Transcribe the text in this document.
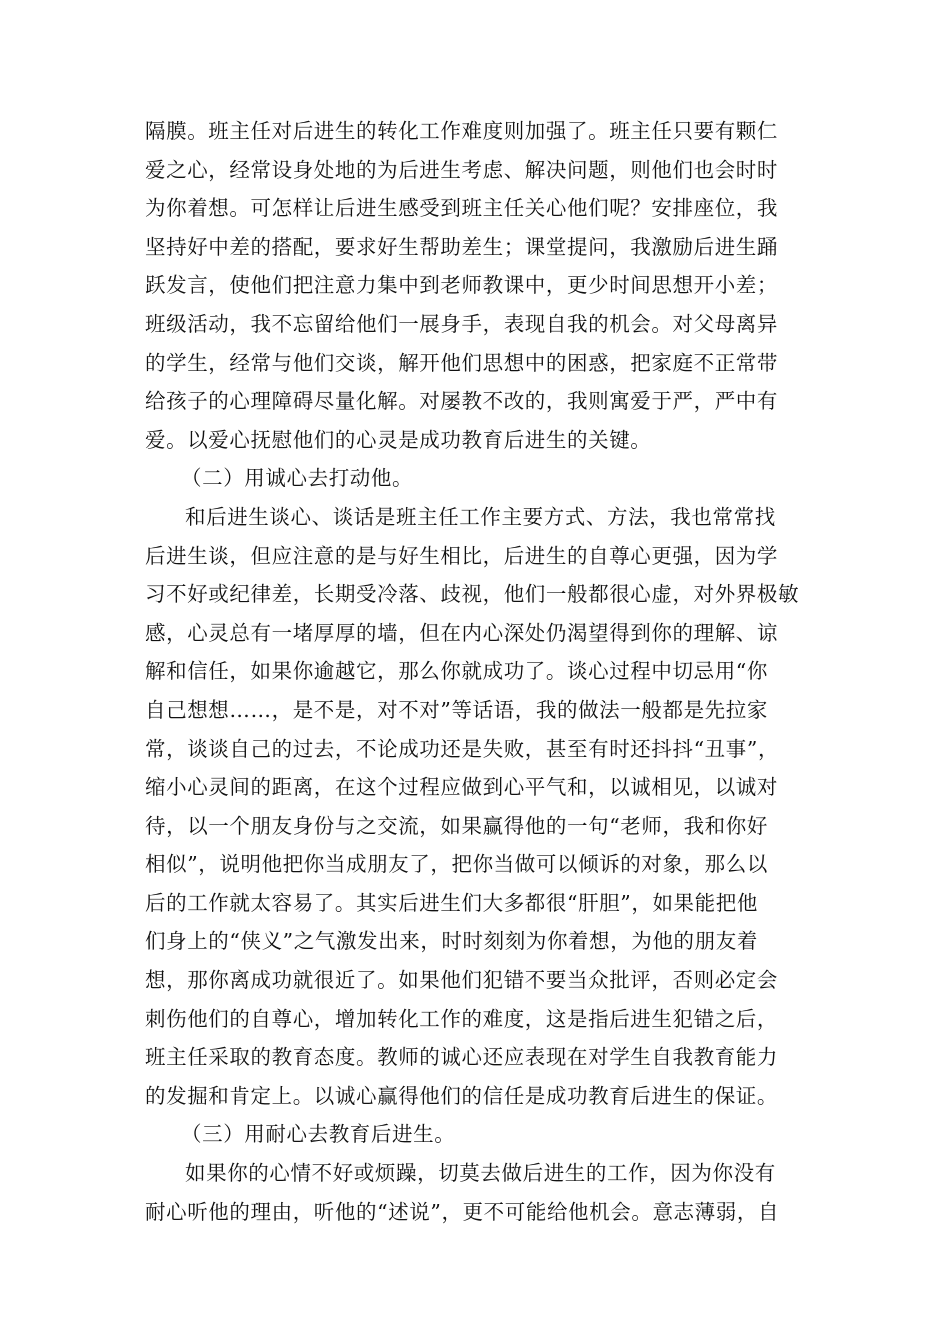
隔膜。班主任对后进生的转化工作难度则加强了。班主任只要有颗仁
爱之心，经常设身处地的为后进生考虑、解决问题，则他们也会时时
为你着想。可怎样让后进生感受到班主任关心他们呢？安排座位，我
坚持好中差的搭配，要求好生帮助差生；课堂提问，我激励后进生踊
跃发言，使他们把注意力集中到老师教课中，更少时间思想开小差；
班级活动，我不忘留给他们一展身手，表现自我的机会。对父母离异
的学生，经常与他们交谈，解开他们思想中的困惑，把家庭不正常带
给孩子的心理障碍尽量化解。对屡教不改的，我则寓爱于严，严中有
爱。以爱心抚慰他们的心灵是成功教育后进生的关键。
（二）用诚心去打动他。
和后进生谈心、谈话是班主任工作主要方式、方法，我也常常找
后进生谈，但应注意的是与好生相比，后进生的自尊心更强，因为学
习不好或纪律差，长期受冷落、歧视，他们一般都很心虚，对外界极敏
感，心灵总有一堵厚厚的墙，但在内心深处仍渴望得到你的理解、谅
解和信任，如果你逾越它，那么你就成功了。谈心过程中切忌用“你
自己想想……，是不是，对不对”等话语，我的做法一般都是先拉家
常，谈谈自己的过去，不论成功还是失败，甚至有时还抖抖“丑事”，
缩小心灵间的距离，在这个过程应做到心平气和，以诚相见，以诚对
待，以一个朋友身份与之交流，如果赢得他的一句“老师，我和你好
相似”，说明他把你当成朋友了，把你当做可以倾诉的对象，那么以
后的工作就太容易了。其实后进生们大多都很“肝胆”，如果能把他
们身上的“侠义”之气激发出来，时时刻刻为你着想，为他的朋友着
想，那你离成功就很近了。如果他们犯错不要当众批评，否则必定会
刺伤他们的自尊心，增加转化工作的难度，这是指后进生犯错之后，
班主任采取的教育态度。教师的诚心还应表现在对学生自我教育能力
的发掘和肯定上。以诚心赢得他们的信任是成功教育后进生的保证。
（三）用耐心去教育后进生。
如果你的心情不好或烦躁，切莫去做后进生的工作，因为你没有
耐心听他的理由，听他的“述说”，更不可能给他机会。意志薄弱，自
